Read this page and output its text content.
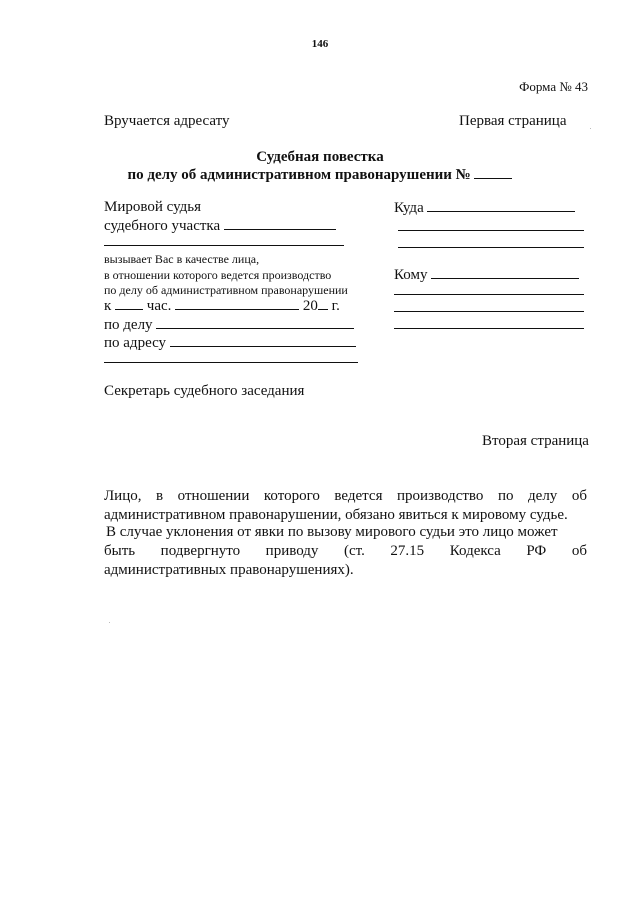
146
Форма № 43
Вручается адресату	Первая страница
Судебная повестка
по делу об административном правонарушении №
Мировой судья
судебного участка
вызывает Вас в качестве лица,
в отношении которого ведется производство
по делу об административном правонарушении
к час.	20 г.
по делу
по адресу
Куда
Кому
Секретарь судебного заседания
Вторая страница
Лицо, в отношении которого ведется производство по делу об
административном правонарушении, обязано явиться к мировому судье.
В случае уклонения от явки по вызову мирового судьи это лицо может
быть подвергнуто приводу (ст. 27.15 Кодекса РФ об
административных правонарушениях).
